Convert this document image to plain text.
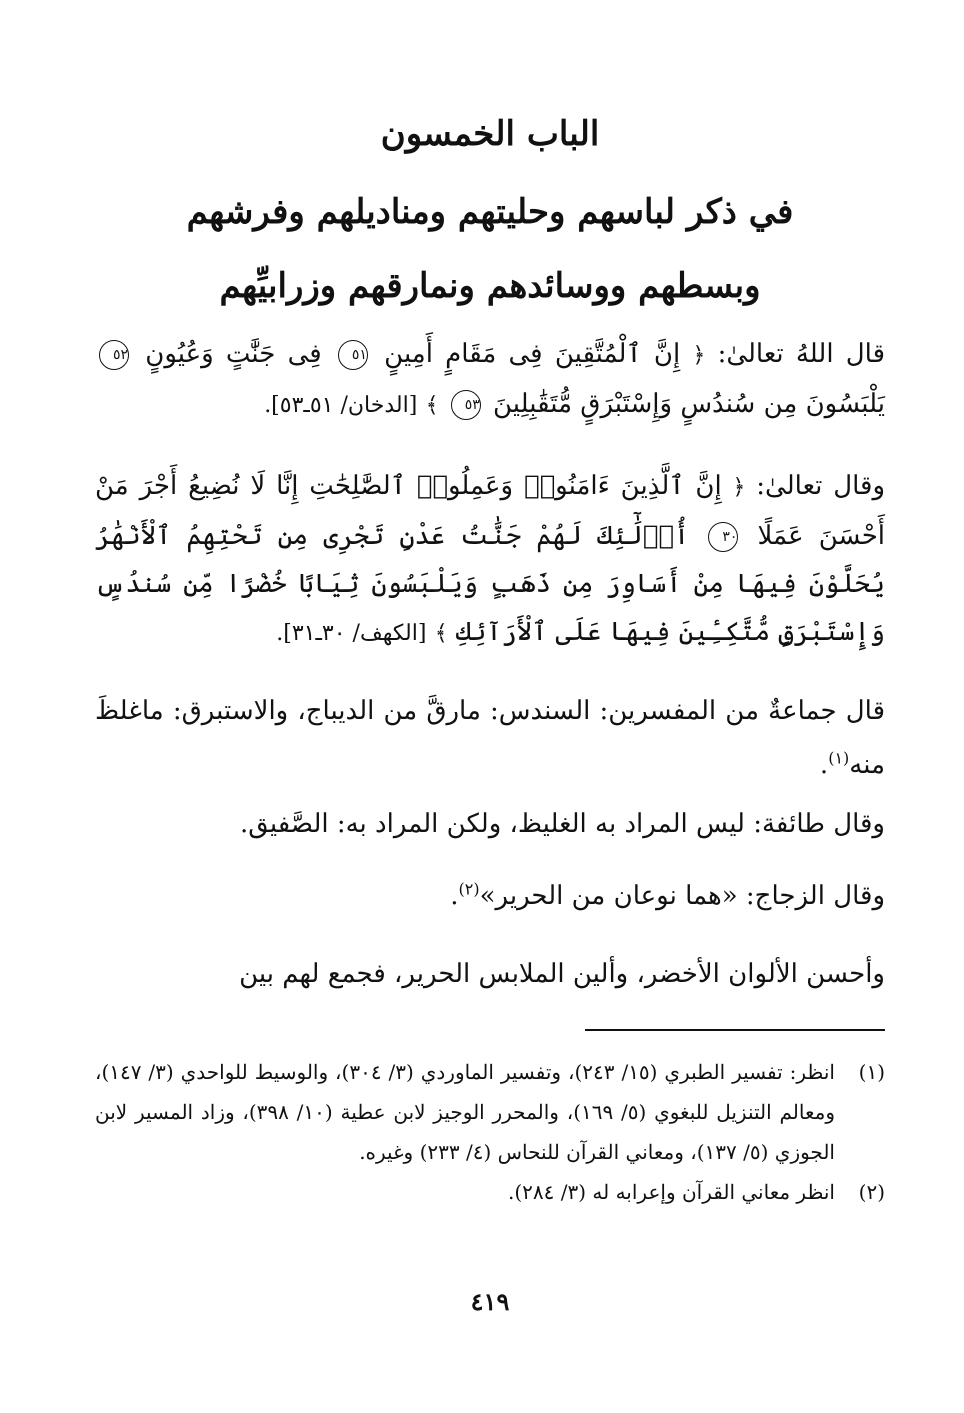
الباب الخمسون
في ذكر لباسهم وحليتهم ومناديلهم وفرشهم
وبسطهم ووسائدهم ونمارقهم وزرابيِّهم
قال اللهُ تعالىٰ: ﴿ إِنَّ ٱلْمُتَّقِينَ فِى مَقَامٍ أَمِينٍ ٥١ فِى جَنَّٰتٍ وَعُيُونٍ ٥٢ يَلْبَسُونَ مِن سُندُسٍ وَإِسْتَبْرَقٍ مُّتَقَٰبِلِينَ ٥٣ ﴾ [الدخان/ ٥١ـ٥٣].
وقال تعالىٰ: ﴿ إِنَّ ٱلَّذِينَ ءَامَنُوا۟ وَعَمِلُوا۟ ٱلصَّٰلِحَٰتِ إِنَّا لَا نُضِيعُ أَجْرَ مَنْ أَحْسَنَ عَمَلًا ٣٠ أُو۟لَٰٓئِكَ لَهُمْ جَنَّٰتُ عَدْنٍ تَجْرِى مِن تَحْتِهِمُ ٱلْأَنْهَٰرُ يُحَلَّوْنَ فِيهَا مِنْ أَسَاوِرَ مِن ذَهَبٍ وَيَلْبَسُونَ ثِيَابًا خُضْرًا مِّن سُندُسٍ وَإِسْتَبْرَقٍ مُّتَّكِـِٔينَ فِيهَا عَلَى ٱلْأَرَآئِكِ ﴾ [الكهف/ ٣٠ـ٣١].
قال جماعةٌ من المفسرين: السندس: مارقَّ من الديباج، والاستبرق: ماغلظَ منه$^{(١)}$.
وقال طائفة: ليس المراد به الغليظ، ولكن المراد به: الصَّفيق.
وقال الزجاج: «هما نوعان من الحرير»$^{(٢)}$.
وأحسن الألوان الأخضر، وألين الملابس الحرير، فجمع لهم بين
(١)
انظر: تفسير الطبري (١٥/ ٢٤٣)، وتفسير الماوردي (٣/ ٣٠٤)، والوسيط للواحدي (٣/ ١٤٧)، ومعالم التنزيل للبغوي (٥/ ١٦٩)، والمحرر الوجيز لابن عطية (١٠/ ٣٩٨)، وزاد المسير لابن الجوزي (٥/ ١٣٧)، ومعاني القرآن للنحاس (٤/ ٢٣٣) وغيره.
(٢)
انظر معاني القرآن وإعرابه له (٣/ ٢٨٤).
٤١٩
